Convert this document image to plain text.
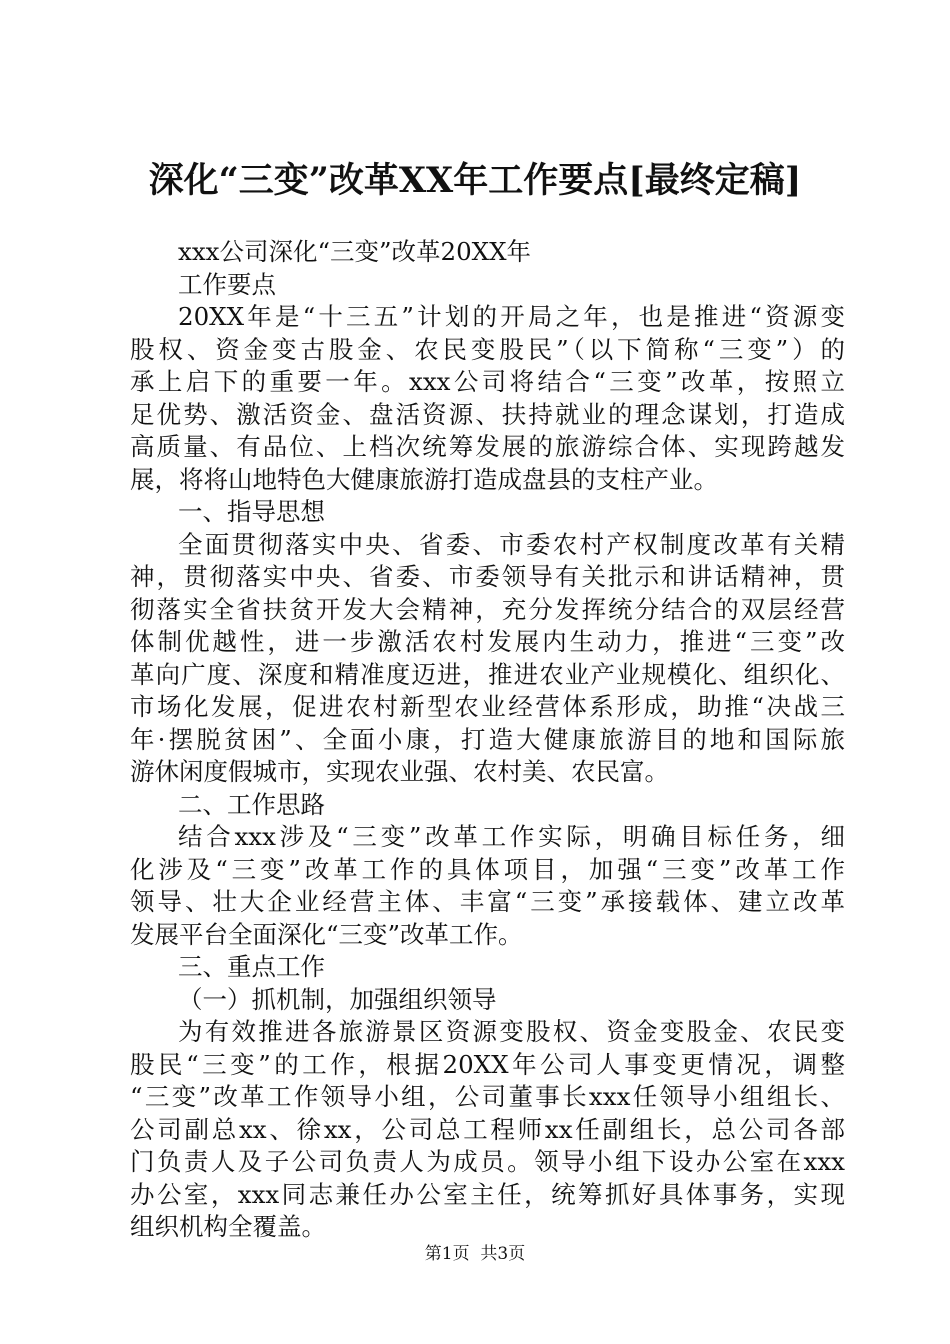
深化“三变”改革XX年工作要点[最终定稿]
xxx公司深化“三变”改革20XX年
工作要点
20XX年是“十三五”计划的开局之年，也是推进“资源变
股权、资金变古股金、农民变股民”（以下简称“三变”）的
承上启下的重要一年。xxx公司将结合“三变”改革，按照立
足优势、激活资金、盘活资源、扶持就业的理念谋划，打造成
高质量、有品位、上档次统筹发展的旅游综合体、实现跨越发
展，将将山地特色大健康旅游打造成盘县的支柱产业。
一、指导思想
全面贯彻落实中央、省委、市委农村产权制度改革有关精
神，贯彻落实中央、省委、市委领导有关批示和讲话精神，贯
彻落实全省扶贫开发大会精神，充分发挥统分结合的双层经营
体制优越性，进一步激活农村发展内生动力，推进“三变”改
革向广度、深度和精准度迈进，推进农业产业规模化、组织化、
市场化发展，促进农村新型农业经营体系形成，助推“决战三
年·摆脱贫困”、全面小康，打造大健康旅游目的地和国际旅
游休闲度假城市，实现农业强、农村美、农民富。
二、工作思路
结合xxx涉及“三变”改革工作实际，明确目标任务，细
化涉及“三变”改革工作的具体项目，加强“三变”改革工作
领导、壮大企业经营主体、丰富“三变”承接载体、建立改革
发展平台全面深化“三变”改革工作。
三、重点工作
（一）抓机制，加强组织领导
为有效推进各旅游景区资源变股权、资金变股金、农民变
股民“三变”的工作，根据20XX年公司人事变更情况，调整
“三变”改革工作领导小组，公司董事长xxx任领导小组组长、
公司副总xx、徐xx，公司总工程师xx任副组长，总公司各部
门负责人及子公司负责人为成员。领导小组下设办公室在xxx
办公室，xxx同志兼任办公室主任，统筹抓好具体事务，实现
组织机构全覆盖。
第1页  共3页
